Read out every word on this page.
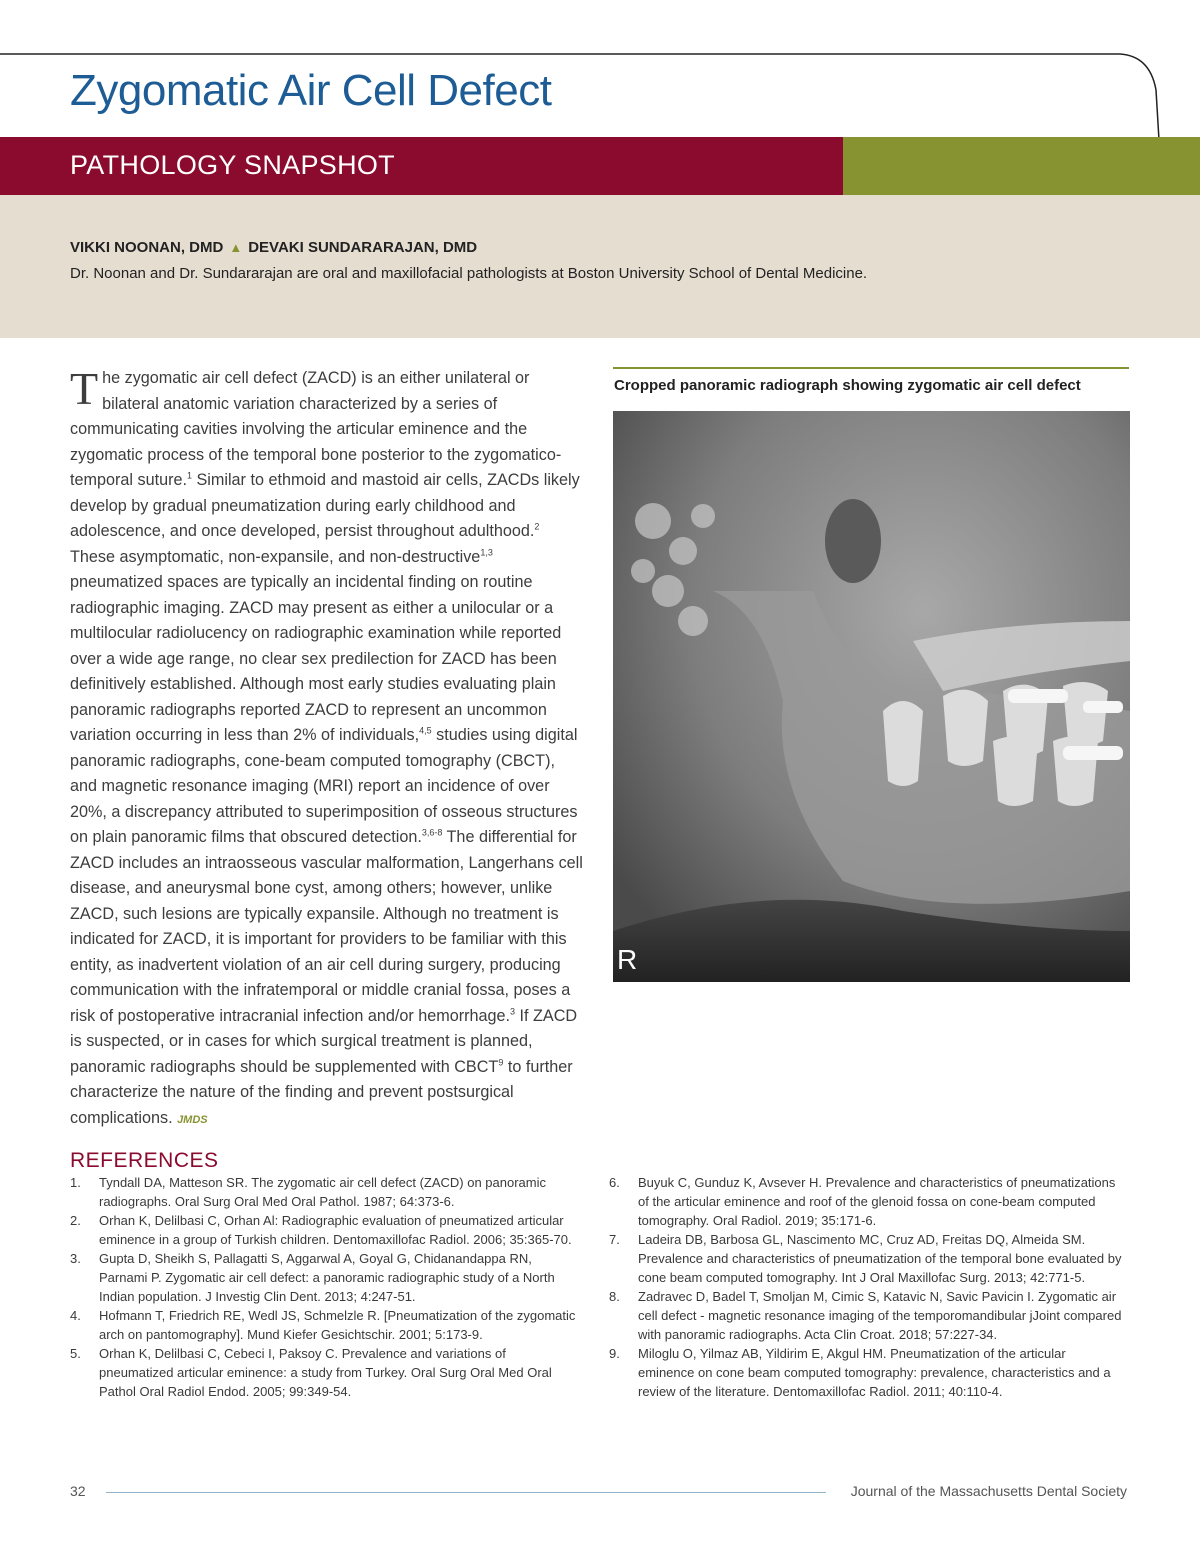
Zygomatic Air Cell Defect
PATHOLOGY SNAPSHOT
VIKKI NOONAN, DMD ▲ DEVAKI SUNDARARAJAN, DMD
Dr. Noonan and Dr. Sundararajan are oral and maxillofacial pathologists at Boston University School of Dental Medicine.
The zygomatic air cell defect (ZACD) is an either unilateral or bilateral anatomic variation characterized by a series of communicating cavities involving the articular eminence and the zygomatic process of the temporal bone posterior to the zygomatico-temporal suture.$^1$ Similar to ethmoid and mastoid air cells, ZACDs likely develop by gradual pneumatization during early childhood and adolescence, and once developed, persist throughout adulthood.$^2$ These asymptomatic, non-expansile, and non-destructive$^{1,3}$ pneumatized spaces are typically an incidental finding on routine radiographic imaging. ZACD may present as either a unilocular or a multilocular radiolucency on radiographic examination while reported over a wide age range, no clear sex predilection for ZACD has been definitively established. Although most early studies evaluating plain panoramic radiographs reported ZACD to represent an uncommon variation occurring in less than 2% of individuals,$^{4,5}$ studies using digital panoramic radiographs, cone-beam computed tomography (CBCT), and magnetic resonance imaging (MRI) report an incidence of over 20%, a discrepancy attributed to superimposition of osseous structures on plain panoramic films that obscured detection.$^{3,6-8}$ The differential for ZACD includes an intraosseous vascular malformation, Langerhans cell disease, and aneurysmal bone cyst, among others; however, unlike ZACD, such lesions are typically expansile. Although no treatment is indicated for ZACD, it is important for providers to be familiar with this entity, as inadvertent violation of an air cell during surgery, producing communication with the infratemporal or middle cranial fossa, poses a risk of postoperative intracranial infection and/or hemorrhage.$^3$ If ZACD is suspected, or in cases for which surgical treatment is planned, panoramic radiographs should be supplemented with CBCT$^9$ to further characterize the nature of the finding and prevent postsurgical complications. JMDS
Cropped panoramic radiograph showing zygomatic air cell defect
R
REFERENCES
1. Tyndall DA, Matteson SR. The zygomatic air cell defect (ZACD) on panoramic radiographs. Oral Surg Oral Med Oral Pathol. 1987; 64:373-6.
2. Orhan K, Delilbasi C, Orhan Al: Radiographic evaluation of pneumatized articular eminence in a group of Turkish children. Dentomaxillofac Radiol. 2006; 35:365-70.
3. Gupta D, Sheikh S, Pallagatti S, Aggarwal A, Goyal G, Chidanandappa RN, Parnami P. Zygomatic air cell defect: a panoramic radiographic study of a North Indian population. J Investig Clin Dent. 2013; 4:247-51.
4. Hofmann T, Friedrich RE, Wedl JS, Schmelzle R. [Pneumatization of the zygomatic arch on pantomography]. Mund Kiefer Gesichtschir. 2001; 5:173-9.
5. Orhan K, Delilbasi C, Cebeci I, Paksoy C. Prevalence and variations of pneumatized articular eminence: a study from Turkey. Oral Surg Oral Med Oral Pathol Oral Radiol Endod. 2005; 99:349-54.
6. Buyuk C, Gunduz K, Avsever H. Prevalence and characteristics of pneumatizations of the articular eminence and roof of the glenoid fossa on cone-beam computed tomography. Oral Radiol. 2019; 35:171-6.
7. Ladeira DB, Barbosa GL, Nascimento MC, Cruz AD, Freitas DQ, Almeida SM. Prevalence and characteristics of pneumatization of the temporal bone evaluated by cone beam computed tomography. Int J Oral Maxillofac Surg. 2013; 42:771-5.
8. Zadravec D, Badel T, Smoljan M, Cimic S, Katavic N, Savic Pavicin I. Zygomatic air cell defect - magnetic resonance imaging of the temporomandibular jJoint compared with panoramic radiographs. Acta Clin Croat. 2018; 57:227-34.
9. Miloglu O, Yilmaz AB, Yildirim E, Akgul HM. Pneumatization of the articular eminence on cone beam computed tomography: prevalence, characteristics and a review of the literature. Dentomaxillofac Radiol. 2011; 40:110-4.
32	Journal of the Massachusetts Dental Society
